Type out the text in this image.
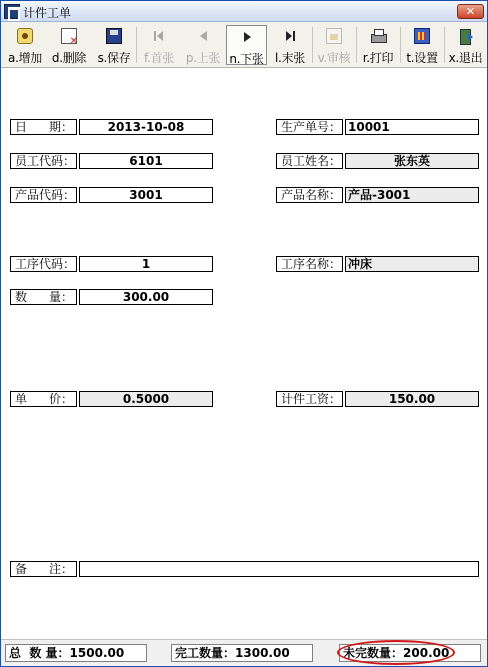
计件工单	✕
a.增加
✕ d.删除 s.保存	f.首张 p.上张 n.下张 l.末张	v.审核	r.打印	t.设置 x.退出
日 期：	2013-10-08	生产单号： 10001
员工代码：	6101	员工姓名：	张东英
产品代码：	3001	产品名称： 产品-3001
工序代码：	1	工序名称： 冲床
数 量：	300.00
单 价：	0.5000	计件工资：	150.00
备 注：
总  数 量：1500.00	完工数量：1300.00	未完数量：200.00
